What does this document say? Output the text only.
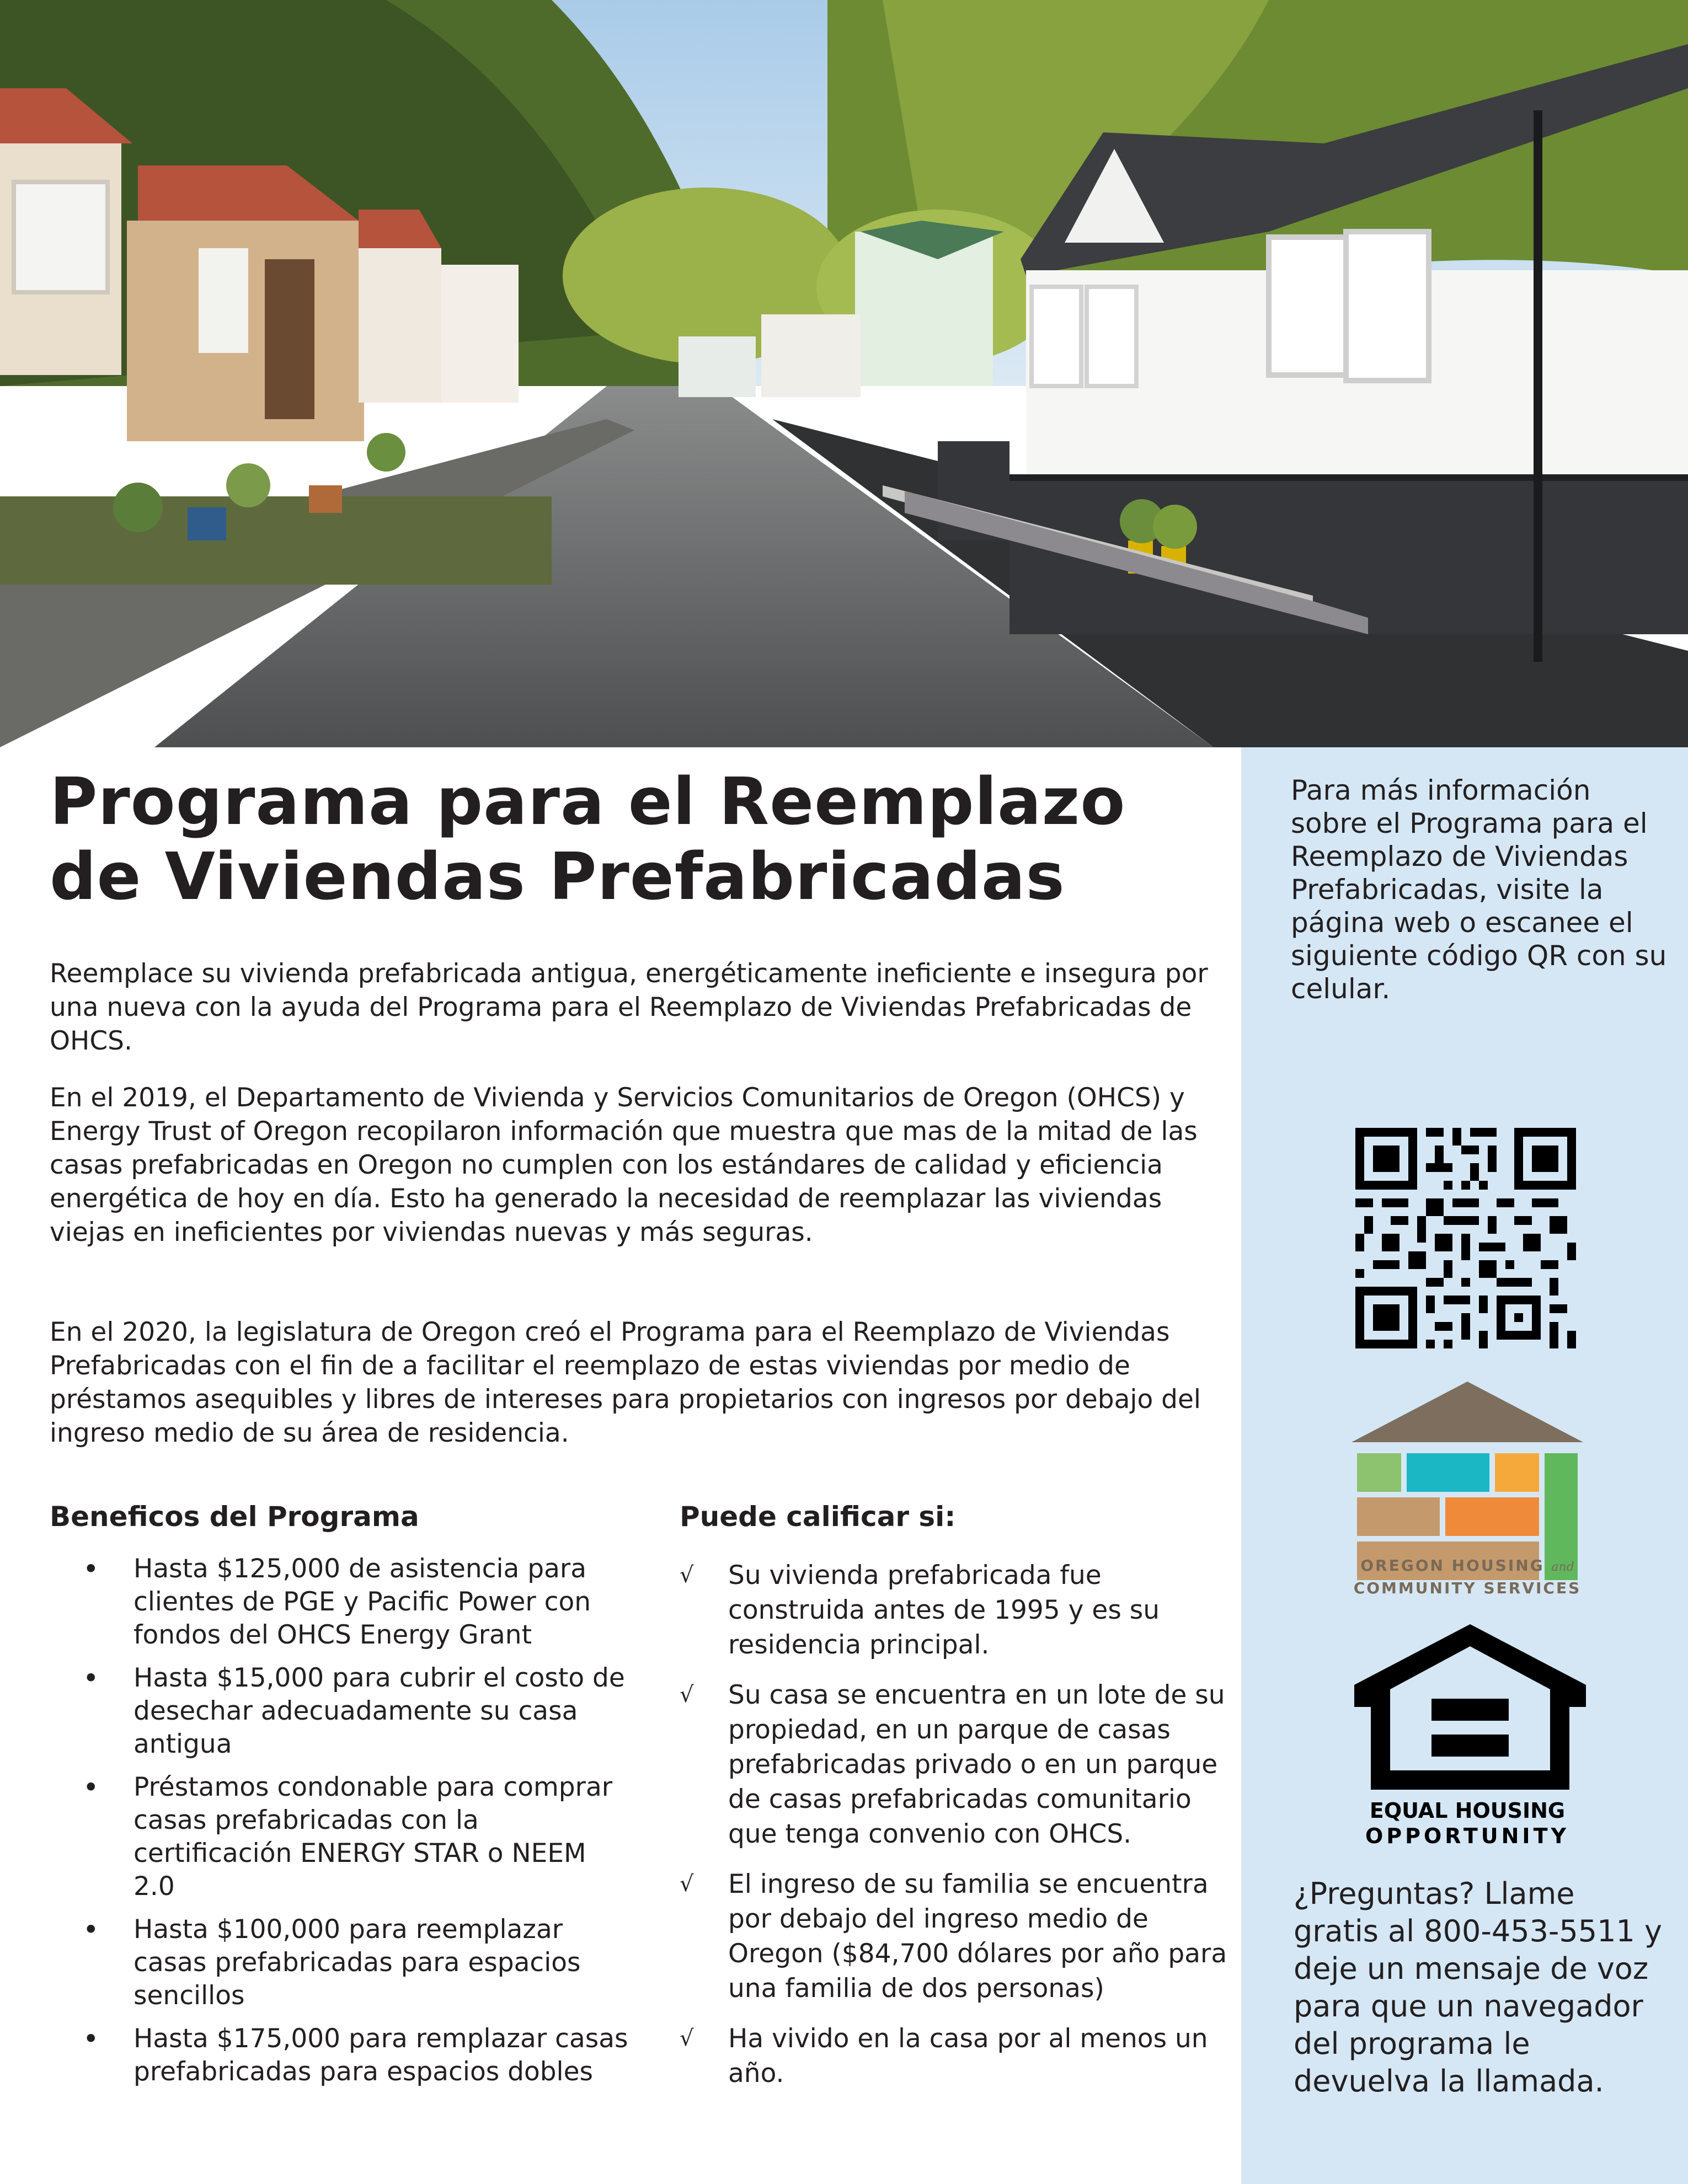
Programa para el Reemplazo
de Viviendas Prefabricadas

Reemplace su vivienda prefabricada antigua, energéticamente ineficiente e insegura por una nueva con la ayuda del Programa para el Reemplazo de Viviendas Prefabricadas de OHCS.

En el 2019, el Departamento de Vivienda y Servicios Comunitarios de Oregon (OHCS) y Energy Trust of Oregon recopilaron información que muestra que mas de la mitad de las casas prefabricadas en Oregon no cumplen con los estándares de calidad y eficiencia energética de hoy en día. Esto ha generado la necesidad de reemplazar las viviendas viejas en ineficientes por viviendas nuevas y más seguras.

En el 2020, la legislatura de Oregon creó el Programa para el Reemplazo de Viviendas Prefabricadas con el fin de a facilitar el reemplazo de estas viviendas por medio de préstamos asequibles y libres de intereses para propietarios con ingresos por debajo del ingreso medio de su área de residencia.

Beneficos del Programa
• Hasta $125,000 de asistencia para clientes de PGE y Pacific Power con fondos del OHCS Energy Grant
• Hasta $15,000 para cubrir el costo de desechar adecuadamente su casa antigua
• Préstamos condonable para comprar casas prefabricadas con la certificación ENERGY STAR o NEEM 2.0
• Hasta $100,000 para reemplazar casas prefabricadas para espacios sencillos
• Hasta $175,000 para remplazar casas prefabricadas para espacios dobles
Puede calificar si:
√ Su vivienda prefabricada fue construida antes de 1995 y es su residencia principal.
√ Su casa se encuentra en un lote de su propiedad, en un parque de casas prefabricadas privado o en un parque de casas prefabricadas comunitario que tenga convenio con OHCS.
√ El ingreso de su familia se encuentra por debajo del ingreso medio de Oregon ($84,700 dólares por año para una familia de dos personas)
√ Ha vivido en la casa por al menos un año.

Para más información sobre el Programa para el Reemplazo de Viviendas Prefabricadas, visite la página web o escanee el siguiente código QR con su celular.

OREGON HOUSING and
COMMUNITY SERVICES
EQUAL HOUSING
OPPORTUNITY

¿Preguntas? Llame gratis al 800-453-5511 y deje un mensaje de voz para que un navegador del programa le devuelva la llamada.
